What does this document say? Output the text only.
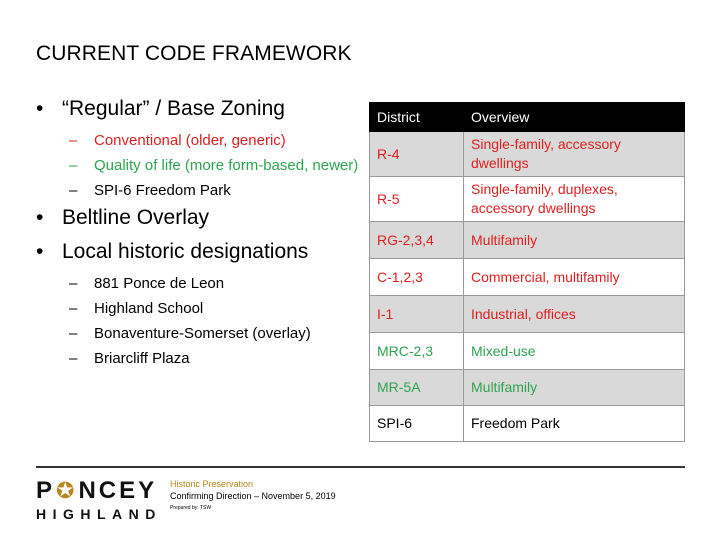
CURRENT CODE FRAMEWORK
• “Regular” / Base Zoning
– Conventional (older, generic)
– Quality of life (more form-based, newer)
– SPI-6 Freedom Park
• Beltline Overlay
• Local historic designations
– 881 Ponce de Leon
– Highland School
– Bonaventure-Somerset (overlay)
– Briarcliff Plaza
District	Overview
R-4	Single-family, accessory dwellings
R-5	Single-family, duplexes, accessory dwellings
RG-2,3,4	Multifamily
C-1,2,3	Commercial, multifamily
I-1	Industrial, offices
MRC-2,3	Mixed-use
MR-5A	Multifamily
SPI-6	Freedom Park
P ✪ NCEY
HIGHLAND
Historic Preservation
Confirming Direction – November 5, 2019
Prepared by: TSW
